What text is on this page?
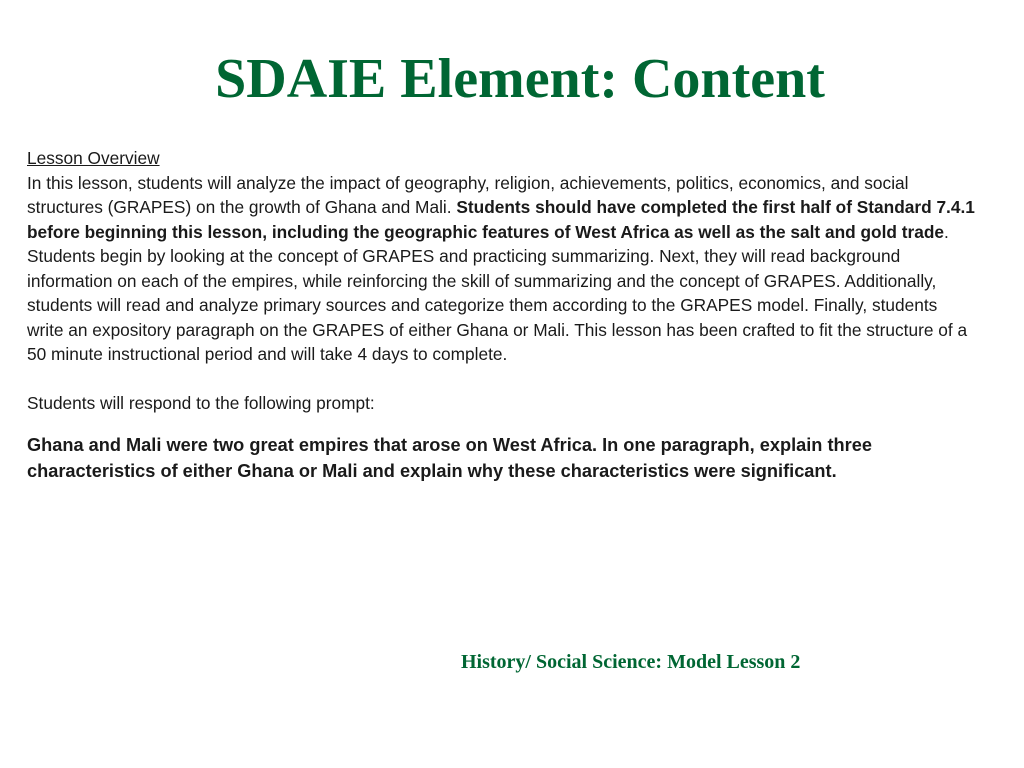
SDAIE Element: Content
Lesson Overview

In this lesson, students will analyze the impact of geography, religion, achievements, politics, economics, and social structures (GRAPES) on the growth of Ghana and Mali. Students should have completed the first half of Standard 7.4.1 before beginning this lesson, including the geographic features of West Africa as well as the salt and gold trade. Students begin by looking at the concept of GRAPES and practicing summarizing. Next, they will read background information on each of the empires, while reinforcing the skill of summarizing and the concept of GRAPES. Additionally, students will read and analyze primary sources and categorize them according to the GRAPES model. Finally, students write an expository paragraph on the GRAPES of either Ghana or Mali. This lesson has been crafted to fit the structure of a 50 minute instructional period and will take 4 days to complete.

Students will respond to the following prompt:

Ghana and Mali were two great empires that arose on West Africa. In one paragraph, explain three characteristics of either Ghana or Mali and explain why these characteristics were significant.

History/ Social Science: Model Lesson 2
